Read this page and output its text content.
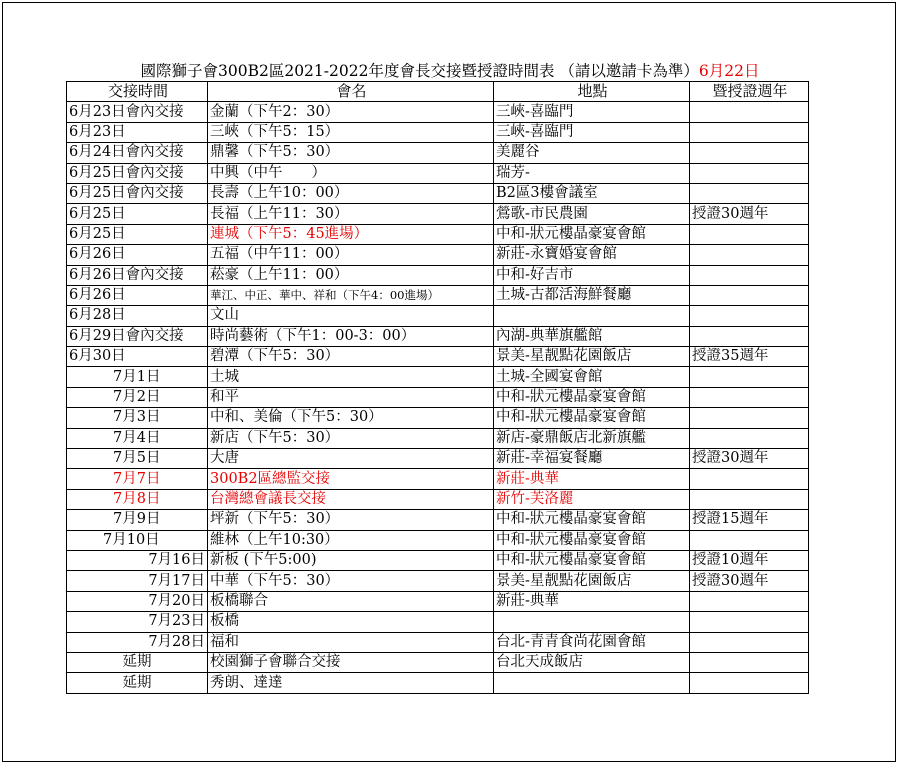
國際獅子會300B2區2021-2022年度會長交接暨授證時間表 （請以邀請卡為準）6月22日
交接時間	會名	地點	暨授證週年
6月23日會內交接	金蘭（下午2：30）	三峽-喜臨門	
6月23日	三峽（下午5：15）	三峽-喜臨門	
6月24日會內交接	鼎馨（下午5：30）	美麗谷	
6月25日會內交接	中興（中午　　）	瑞芳-	
6月25日會內交接	長壽（上午10：00）	B2區3樓會議室	
6月25日	長福（上午11：30）	鶯歌-市民農園	授證30週年
6月25日	連城（下午5：45進場）	中和-狀元樓晶豪宴會館	
6月26日	五福（中午11：00）	新莊-永寶婚宴會館	
6月26日會內交接	菘豪（上午11：00）	中和-好吉市	
6月26日	華江、中正、華中、祥和（下午4：00進場）	土城-古都活海鮮餐廳	
6月28日	文山		
6月29日會內交接	時尚藝術（下午1：00-3：00）	內湖-典華旗艦館	
6月30日	碧潭（下午5：30）	景美-星靓點花園飯店	授證35週年
7月1日	土城	土城-全國宴會館	
7月2日	和平	中和-狀元樓晶豪宴會館	
7月3日	中和、美倫（下午5：30）	中和-狀元樓晶豪宴會館	
7月4日	新店（下午5：30）	新店-豪鼎飯店北新旗艦	
7月5日	大唐	新莊-幸福宴餐廳	授證30週年
7月7日	300B2區總監交接	新莊-典華	
7月8日	台灣總會議長交接	新竹-芙洛麗	
7月9日	坪新（下午5：30）	中和-狀元樓晶豪宴會館	授證15週年
7月10日	維林（上午10:30）	中和-狀元樓晶豪宴會館	
7月16日	新板 (下午5:00)	中和-狀元樓晶豪宴會館	授證10週年
7月17日	中華（下午5：30）	景美-星靓點花園飯店	授證30週年
7月20日	板橋聯合	新莊-典華	
7月23日	板橋		
7月28日	福和	台北-青青食尚花園會館	
延期	校園獅子會聯合交接	台北天成飯店	
延期	秀朗、達達		
